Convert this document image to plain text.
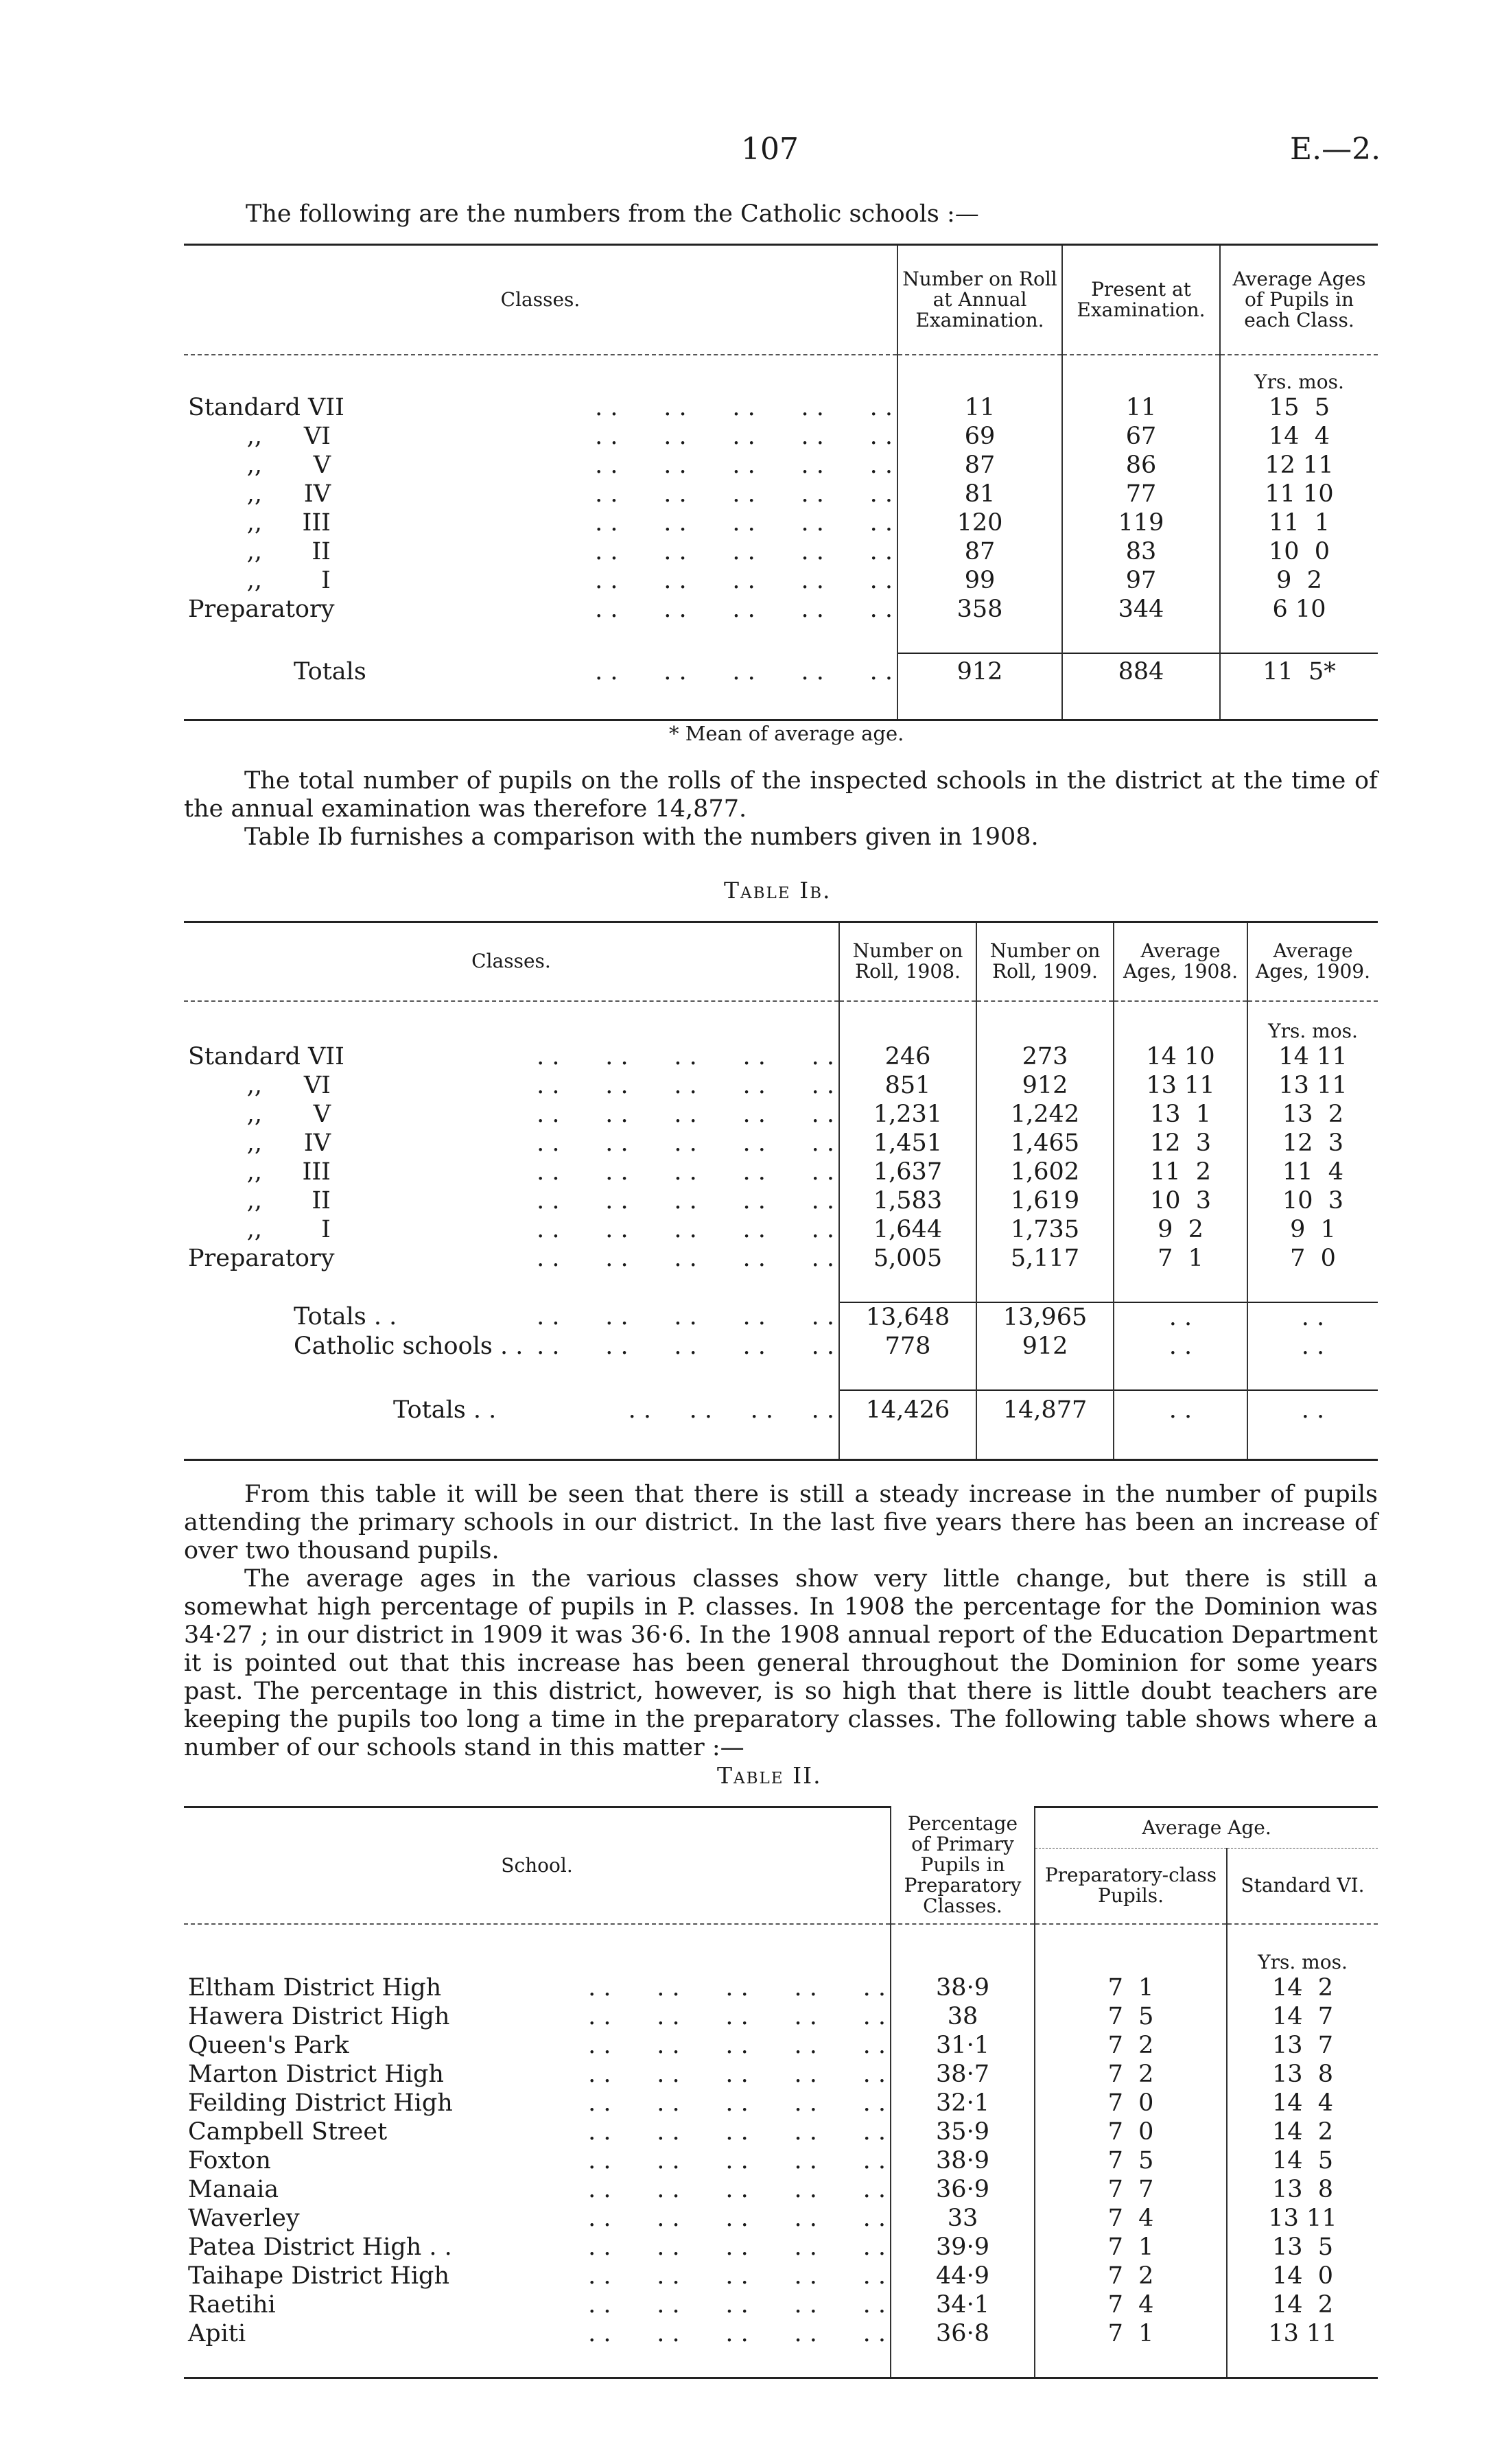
107	E.—2.
The following are the numbers from the Catholic schools :—
Classes.	Number on Roll at Annual Examination.	Present at Examination.	Average Ages of Pupils in each Class.
			Yrs. mos.
Standard VII . .      . .      . .      . .      . .	11	11	15  5
,, VI . .      . .      . .      . .      . .	69	67	14  4
,, V . .      . .      . .      . .      . .	87	86	12 11
,, IV . .      . .      . .      . .      . .	81	77	11 10
,, III . .      . .      . .      . .      . .	120	119	11  1
,, II . .      . .      . .      . .      . .	87	83	10  0
,, I . .      . .      . .      . .      . .	99	97	9  2
Preparatory . .      . .      . .      . .      . .	358	344	6 10

Totals . .      . .      . .      . .      . .	912	884	11  5*

* Mean of average age.

The total number of pupils on the rolls of the inspected schools in the district at the time of the annual examination was therefore 14,877.

Table Ib furnishes a comparison with the numbers given in 1908.

Table Ib.
Classes.	Number on Roll, 1908.	Number on Roll, 1909.	Average Ages, 1908.	Average Ages, 1909.
				Yrs. mos.
Standard VII . .      . .      . .      . .      . .	246	273	14 10	14 11
,, VI . .      . .      . .      . .      . .	851	912	13 11	13 11
,, V . .      . .      . .      . .      . .	1,231	1,242	13  1	13  2
,, IV . .      . .      . .      . .      . .	1,451	1,465	12  3	12  3
,, III . .      . .      . .      . .      . .	1,637	1,602	11  2	11  4
,, II . .      . .      . .      . .      . .	1,583	1,619	10  3	10  3
,, I . .      . .      . .      . .      . .	1,644	1,735	9  2	9  1
Preparatory . .      . .      . .      . .      . .	5,005	5,117	7  1	7  0

Totals . . . .      . .      . .      . .      . .	13,648	13,965	. .	. .
Catholic schools . . . .      . .      . .      . .      . .	778	912	. .	. .

Totals . . . .     . .     . .     . .	14,426	14,877	. .	. .

From this table it will be seen that there is still a steady increase in the number of pupils attending the primary schools in our district. In the last five years there has been an increase of over two thousand pupils.

The average ages in the various classes show very little change, but there is still a somewhat high percentage of pupils in P. classes. In 1908 the percentage for the Dominion was 34·27 ; in our district in 1909 it was 36·6. In the 1908 annual report of the Education Department it is pointed out that this increase has been general throughout the Dominion for some years past. The percentage in this district, however, is so high that there is little doubt teachers are keeping the pupils too long a time in the preparatory classes. The following table shows where a number of our schools stand in this matter :—

Table II.
School.	Percentage of Primary Pupils in Preparatory Classes.	Average Age.	
		Preparatory-class Pupils.	Standard VI.
			Yrs. mos.
Eltham District High . .      . .      . .      . .      . .	38·9	7  1	14  2
Hawera District High . .      . .      . .      . .      . .	38	7  5	14  7
Queen's Park . .      . .      . .      . .      . .	31·1	7  2	13  7
Marton District High . .      . .      . .      . .      . .	38·7	7  2	13  8
Feilding District High . .      . .      . .      . .      . .	32·1	7  0	14  4
Campbell Street . .      . .      . .      . .      . .	35·9	7  0	14  2
Foxton . .      . .      . .      . .      . .	38·9	7  5	14  5
Manaia . .      . .      . .      . .      . .	36·9	7  7	13  8
Waverley . .      . .      . .      . .      . .	33	7  4	13 11
Patea District High . . . .      . .      . .      . .      . .	39·9	7  1	13  5
Taihape District High . .      . .      . .      . .      . .	44·9	7  2	14  0
Raetihi . .      . .      . .      . .      . .	34·1	7  4	14  2
Apiti . .      . .      . .      . .      . .	36·8	7  1	13 11
